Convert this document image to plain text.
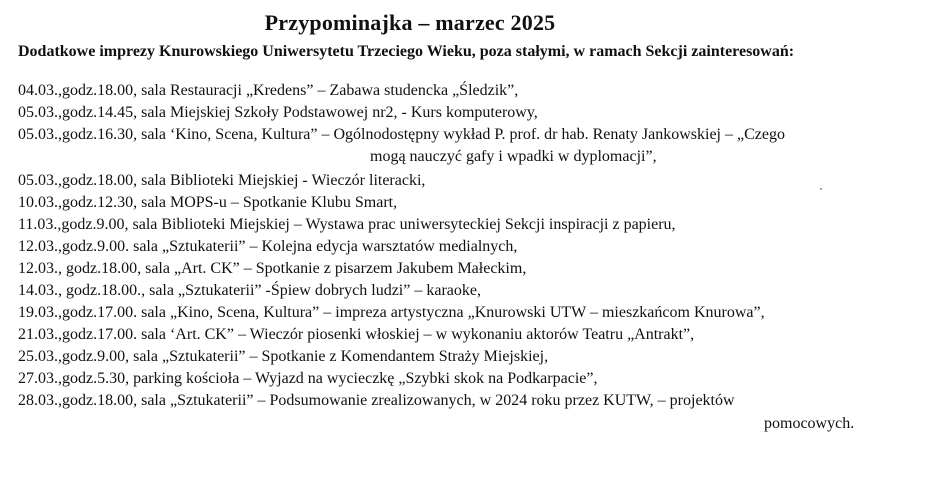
Przypominajka – marzec 2025
Dodatkowe imprezy Knurowskiego Uniwersytetu Trzeciego Wieku, poza stałymi, w ramach Sekcji zainteresowań:
04.03.,godz.18.00, sala Restauracji „Kredens” – Zabawa studencka „Śledzik”,
05.03.,godz.14.45, sala Miejskiej Szkoły Podstawowej nr2, - Kurs komputerowy,
05.03.,godz.16.30, sala ‘Kino, Scena, Kultura” – Ogólnodostępny wykład P. prof. dr hab. Renaty Jankowskiej – „Czego
mogą nauczyć gafy i wpadki w dyplomacji”,
05.03.,godz.18.00, sala Biblioteki Miejskiej - Wieczór literacki,
10.03.,godz.12.30, sala MOPS-u – Spotkanie Klubu Smart,
11.03.,godz.9.00, sala Biblioteki Miejskiej – Wystawa prac uniwersyteckiej Sekcji inspiracji z papieru,
12.03.,godz.9.00. sala „Sztukaterii” – Kolejna edycja warsztatów medialnych,
12.03., godz.18.00, sala „Art. CK” – Spotkanie z pisarzem Jakubem Małeckim,
14.03., godz.18.00., sala „Sztukaterii” -Śpiew dobrych ludzi” – karaoke,
19.03.,godz.17.00. sala „Kino, Scena, Kultura” – impreza artystyczna „Knurowski UTW – mieszkańcom Knurowa”,
21.03.,godz.17.00. sala ‘Art. CK” – Wieczór piosenki włoskiej – w wykonaniu aktorów Teatru „Antrakt”,
25.03.,godz.9.00, sala „Sztukaterii” – Spotkanie z Komendantem Straży Miejskiej,
27.03.,godz.5.30, parking kościoła – Wyjazd na wycieczkę „Szybki skok na Podkarpacie”,
28.03.,godz.18.00, sala „Sztukaterii” – Podsumowanie zrealizowanych, w 2024 roku przez KUTW, – projektów
pomocowych.
